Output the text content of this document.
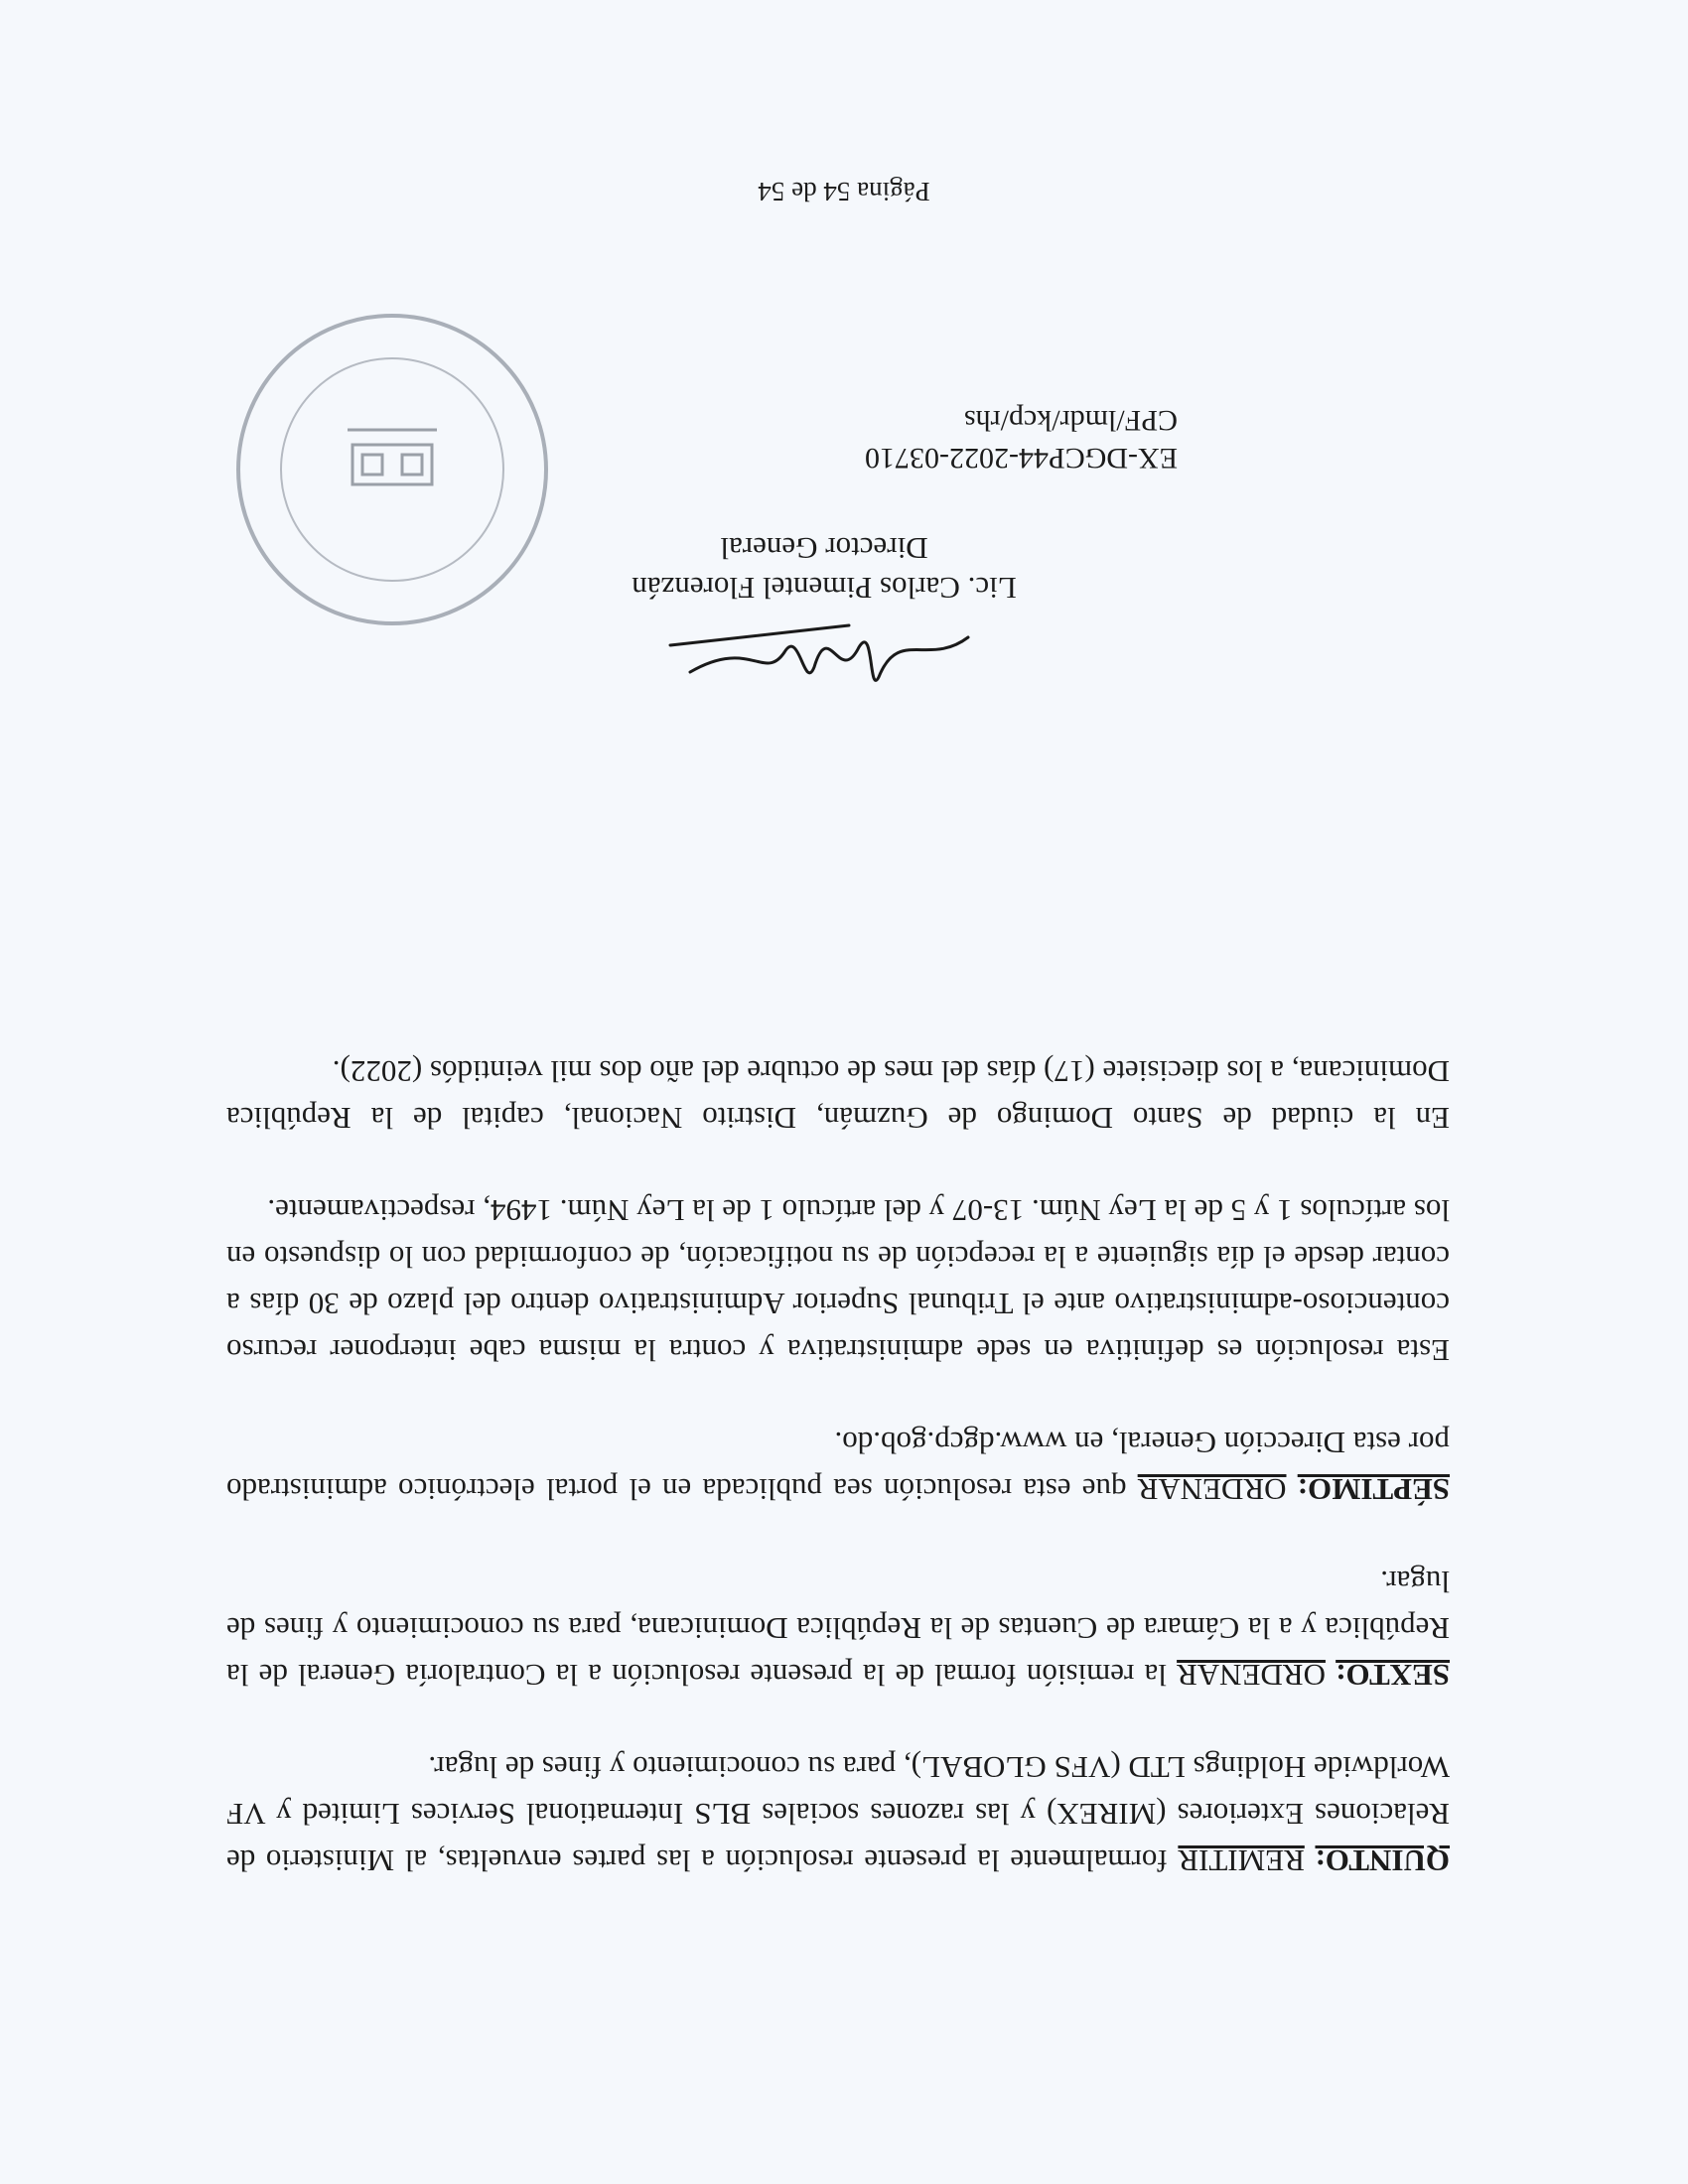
QUINTO: REMITIR formalmente la presente resolución a las partes envueltas, al Ministerio de Relaciones Exteriores (MIREX) y las razones sociales BLS International Services Limited y VF Worldwide Holdings LTD (VFS GLOBAL), para su conocimiento y fines de lugar.

SEXTO: ORDENAR la remisión formal de la presente resolución a la Contraloría General de la República y a la Cámara de Cuentas de la República Dominicana, para su conocimiento y fines de lugar.

SÉPTIMO: ORDENAR que esta resolución sea publicada en el portal electrónico administrado por esta Dirección General, en www.dgcp.gob.do.

Esta resolución es definitiva en sede administrativa y contra la misma cabe interponer recurso contencioso-administrativo ante el Tribunal Superior Administrativo dentro del plazo de 30 días a contar desde el día siguiente a la recepción de su notificación, de conformidad con lo dispuesto en los artículos 1 y 5 de la Ley Núm. 13-07 y del artículo 1 de la Ley Núm. 1494, respectivamente.

En la ciudad de Santo Domingo de Guzmán, Distrito Nacional, capital de la República Dominicana, a los diecisiete (17) días del mes de octubre del año dos mil veintidós (2022).

Lic. Carlos Pimentel Florenzán
Director General
EX-DGCP44-2022-03710
CPF/lmdr/kcp/rhs
Página 54 de 54
